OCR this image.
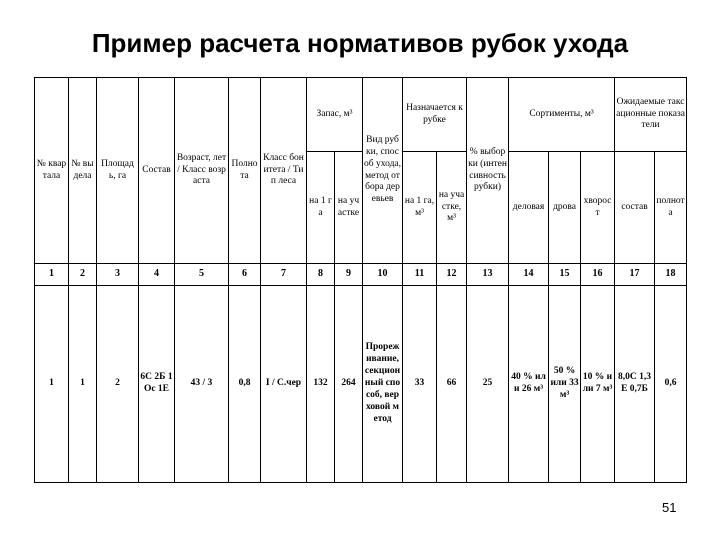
Пример расчета нормативов рубок ухода
№ квартала	№ выдела	Площадь, га	Состав	Возраст, лет / Класс возраста	Полнота	Класс бонитета / Тип леса	Запас, м³		Вид рубки, способ ухода, метод отбора деревьев	Назначается к рубке		% выборки (интенсивность рубки)	Сортименты, м³			Ожидаемые таксационные показатели	
							на 1 га	на участке		на 1 га, м³	на участке, м³		деловая	дрова	хворост	состав	полнота
1	2	3	4	5	6	7	8	9	10	11	12	13	14	15	16	17	18
1	1	2	6С 2Б 1Ос 1Е	43 / 3	0,8	I / С.чер	132	264	Прореживание, секционный способ, верховой метод	33	66	25	40 % или 26 м³	50 % или 33 м³	10 % или 7 м³	8,0С 1,3Е 0,7Б	0,6
51
